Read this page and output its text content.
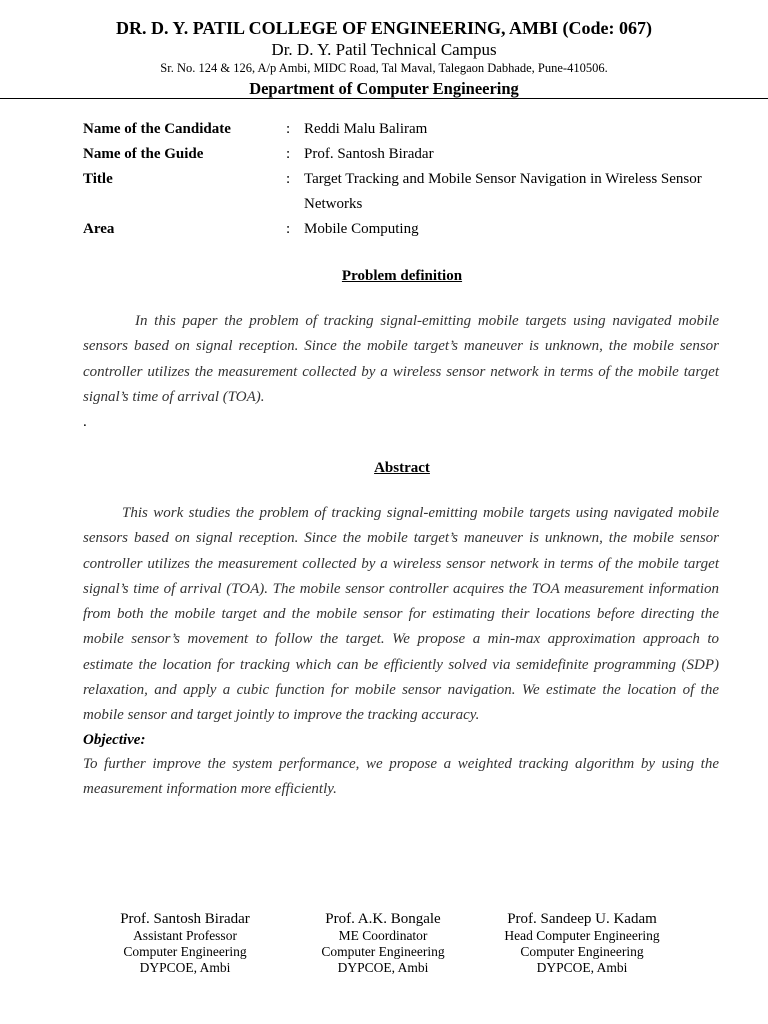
DR. D. Y. PATIL COLLEGE OF ENGINEERING, AMBI (Code: 067)
Dr. D. Y. Patil Technical Campus
Sr. No. 124 & 126, A/p Ambi, MIDC Road, Tal Maval, Talegaon Dabhade, Pune-410506.
Department of Computer Engineering
Name of the Candidate	: Reddi Malu Baliram
Name of the Guide	: Prof. Santosh Biradar
Title	: Target Tracking and Mobile Sensor Navigation in Wireless Sensor Networks
Area	: Mobile Computing
Problem definition
In this paper the problem of tracking signal-emitting mobile targets using navigated mobile sensors based on signal reception. Since the mobile target’s maneuver is unknown, the mobile sensor controller utilizes the measurement collected by a wireless sensor network in terms of the mobile target signal’s time of arrival (TOA).
.
Abstract
This work studies the problem of tracking signal-emitting mobile targets using navigated mobile sensors based on signal reception. Since the mobile target’s maneuver is unknown, the mobile sensor controller utilizes the measurement collected by a wireless sensor network in terms of the mobile target signal’s time of arrival (TOA). The mobile sensor controller acquires the TOA measurement information from both the mobile target and the mobile sensor for estimating their locations before directing the mobile sensor’s movement to follow the target. We propose a min-max approximation approach to estimate the location for tracking which can be efficiently solved via semidefinite programming (SDP) relaxation, and apply a cubic function for mobile sensor navigation. We estimate the location of the mobile sensor and target jointly to improve the tracking accuracy.
Objective:
To further improve the system performance, we propose a weighted tracking algorithm by using the measurement information more efficiently.
Prof. Santosh Biradar
Assistant Professor
Computer Engineering
DYPCOE, Ambi
Prof. A.K. Bongale
ME Coordinator
Computer Engineering
DYPCOE, Ambi
Prof. Sandeep U. Kadam
Head Computer Engineering
Computer Engineering
DYPCOE, Ambi
